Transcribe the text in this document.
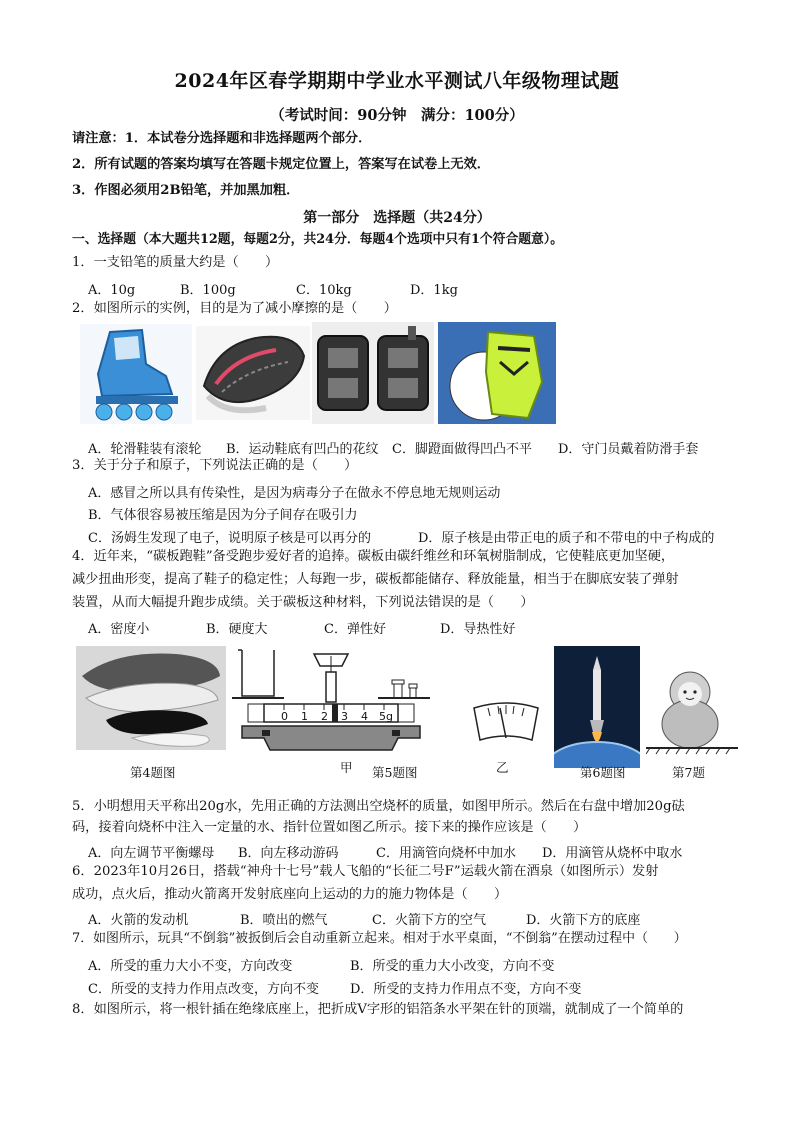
2024年区春学期期中学业水平测试八年级物理试题
（考试时间：90分钟　满分：100分）
请注意：1．本试卷分选择题和非选择题两个部分．
2．所有试题的答案均填写在答题卡规定位置上，答案写在试卷上无效．
3．作图必须用2B铅笔，并加黑加粗．
第一部分　选择题（共24分）
一、选择题（本大题共12题，每题2分，共24分．每题4个选项中只有1个符合题意）。
1．一支铅笔的质量大约是（　　）
A．10g	B．100g	C．10kg	D．1kg
2．如图所示的实例，目的是为了减小摩擦的是（　　）
A．轮滑鞋装有滚轮 B．运动鞋底有凹凸的花纹 C．脚蹬面做得凹凸不平 D．守门员戴着防滑手套
3．关于分子和原子，下列说法正确的是（　　）
A．感冒之所以具有传染性，是因为病毒分子在做永不停息地无规则运动
B．气体很容易被压缩是因为分子间存在吸引力
C．汤姆生发现了电子，说明原子核是可以再分的	D．原子核是由带正电的质子和不带电的中子构成的
4．近年来，“碳板跑鞋”备受跑步爱好者的追捧。碳板由碳纤维丝和环氧树脂制成，它使鞋底更加坚硬，
减少扭曲形变，提高了鞋子的稳定性；人每跑一步，碳板都能储存、释放能量，相当于在脚底安装了弹射
装置，从而大幅提升跑步成绩。关于碳板这种材料，下列说法错误的是（　　）
A．密度小	B．硬度大	C．弹性好	D．导热性好
0 1 2 3 4 5g
第4题图	甲 第5题图	乙	第6题图	第7题
5．小明想用天平称出20g水，先用正确的方法测出空烧杯的质量，如图甲所示。然后在右盘中增加20g砝
码，接着向烧杯中注入一定量的水、指针位置如图乙所示。接下来的操作应该是（　　）
A．向左调节平衡螺母 B．向左移动游码	C．用滴管向烧杯中加水 D．用滴管从烧杯中取水
6．2023年10月26日，搭载“神舟十七号”载人飞船的“长征二号F”运载火箭在酒泉（如图所示）发射
成功，点火后，推动火箭离开发射底座向上运动的力的施力物体是（　　）
A．火箭的发动机	B．喷出的燃气	C．火箭下方的空气	D．火箭下方的底座
7．如图所示，玩具“不倒翁”被扳倒后会自动重新立起来。相对于水平桌面，“不倒翁”在摆动过程中（　　）
A．所受的重力大小不变，方向改变	B．所受的重力大小改变，方向不变
C．所受的支持力作用点改变，方向不变 D．所受的支持力作用点不变，方向不变
8．如图所示，将一根针插在绝缘底座上，把折成V字形的铝箔条水平架在针的顶端，就制成了一个简单的
